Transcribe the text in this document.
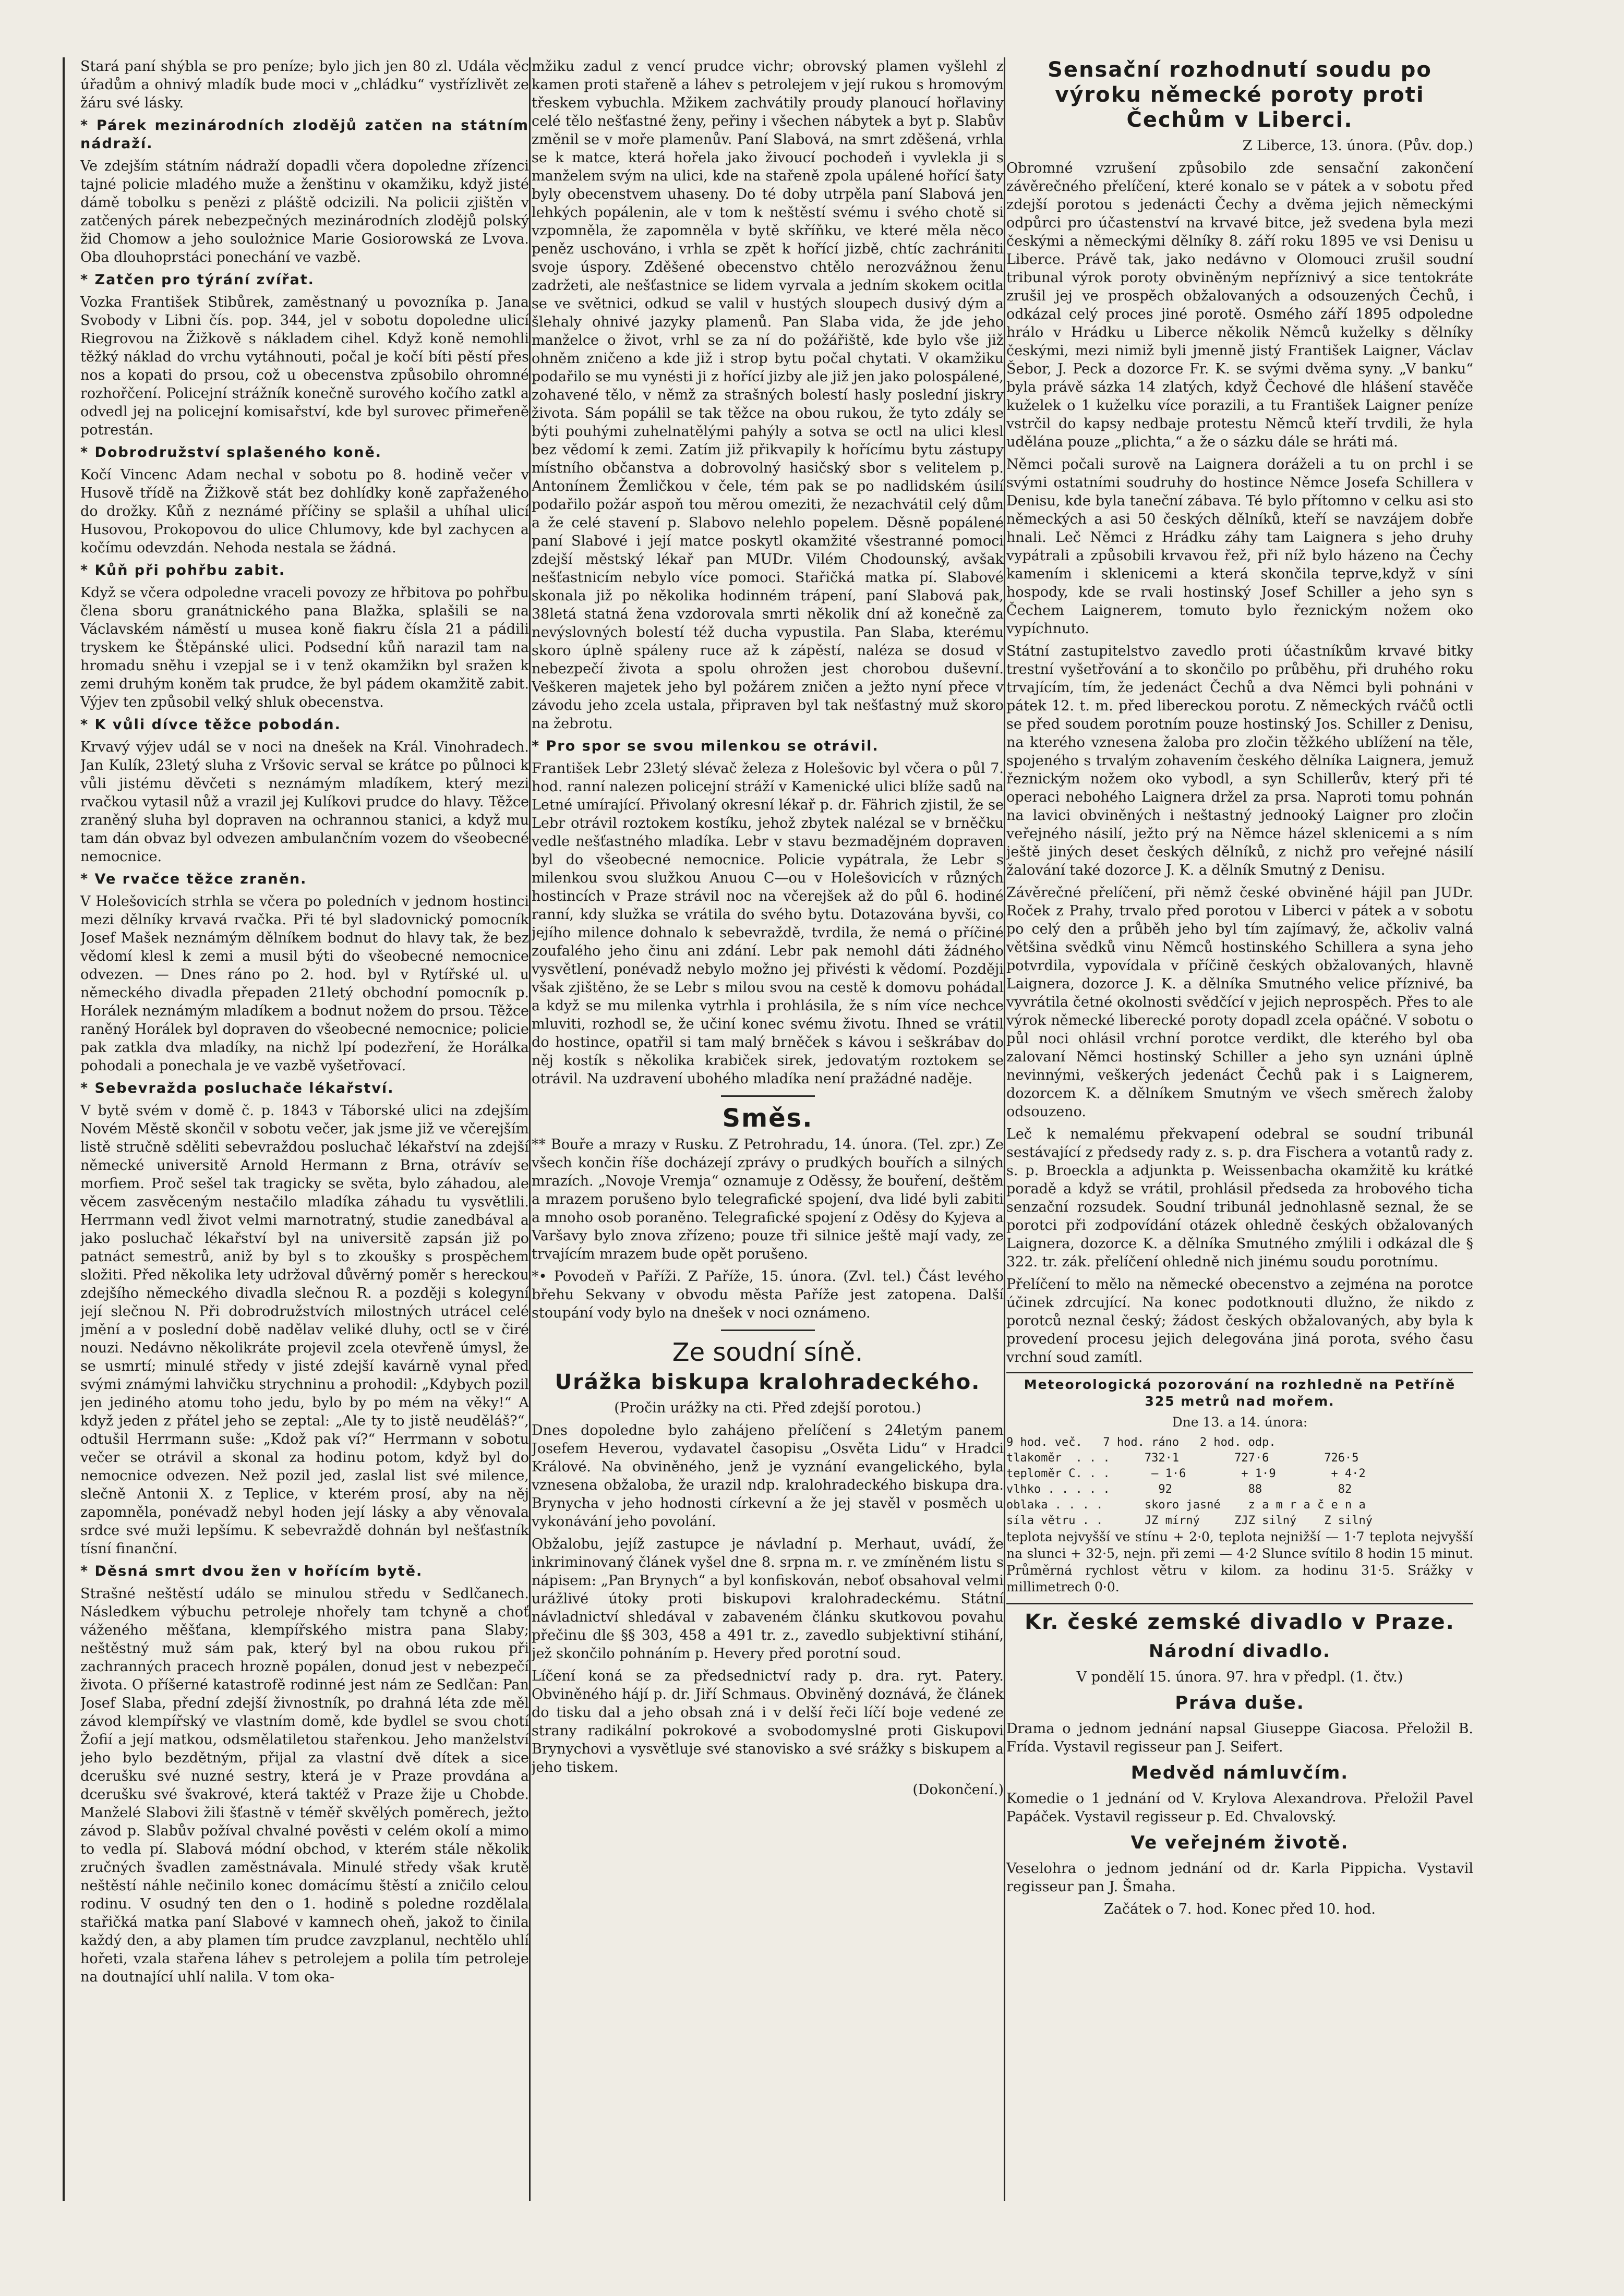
Stará paní shýbla se pro peníze; bylo jich jen 80 zl. Udála věc úřadům a ohnivý mladík bude moci v „chládku“ vystřízlivět ze žáru své lásky.

* Párek mezinárodních zlodějů zatčen na státním nádraží.

Ve zdejším státním nádraží dopadli včera dopoledne zřízenci tajné policie mladého muže a ženštinu v okamžiku, když jisté dámě tobolku s penězi z pláště odcizili. Na policii zjištěn v zatčených párek nebezpečných mezinárodních zlodějů polský žid Chomow a jeho soulożnice Marie Gosiorowská ze Lvova. Oba dlouhoprstáci ponechání ve vazbě.

* Zatčen pro týrání zvířat.

Vozka František Stibůrek, zaměstnaný u povozníka p. Jana Svobody v Libni čís. pop. 344, jel v sobotu dopoledne ulicí Riegrovou na Žižkově s nákladem cihel. Když koně nemohli těžký náklad do vrchu vytáhnouti, počal je kočí bíti pěstí přes nos a kopati do prsou, což u obecenstva způsobilo ohromné rozhořčení. Policejní strážník konečně surového kočího zatkl a odvedl jej na policejní komisařství, kde byl surovec přimeřeně potrestán.

* Dobrodružství splašeného koně.

Kočí Vincenc Adam nechal v sobotu po 8. hodině večer v Husově třídě na Žižkově stát bez dohlídky koně zapřaženého do drožky. Kůň z neznámé příčiny se splašil a uhíhal ulicí Husovou, Prokopovou do ulice Chlumovy, kde byl zachycen a kočímu odevzdán. Nehoda nestala se žádná.

* Kůň při pohřbu zabit.

Když se včera odpoledne vraceli povozy ze hřbitova po pohřbu člena sboru granátnického pana Blažka, splašili se na Václavském náměstí u musea koně fiakru čísla 21 a pádili tryskem ke Štěpánské ulici. Podsední kůň narazil tam na hromadu sněhu i vzepjal se i v tenž okamžikn byl sražen k zemi druhým koněm tak prudce, že byl pádem okamžitě zabit. Výjev ten způsobil velký shluk obecenstva.

* K vůli dívce těžce pobodán.

Krvavý výjev udál se v noci na dnešek na Král. Vinohradech. Jan Kulík, 23letý sluha z Vršovic serval se krátce po půlnoci k vůli jistému děvčeti s neznámým mladíkem, který mezi rvačkou vytasil nůž a vrazil jej Kulíkovi prudce do hlavy. Těžce zraněný sluha byl dopraven na ochrannou stanici, a když mu tam dán obvaz byl odvezen ambulančním vozem do všeobecné nemocnice.

* Ve rvačce těžce zraněn.

V Holešovicích strhla se včera po poledních v jednom hostinci mezi dělníky krvavá rvačka. Při té byl sladovnický pomocník Josef Mašek neznámým dělníkem bodnut do hlavy tak, že bez vědomí klesl k zemi a musil býti do všeobecné nemocnice odvezen. — Dnes ráno po 2. hod. byl v Rytířské ul. u německého divadla přepaden 21letý obchodní pomocník p. Horálek neznámým mladíkem a bodnut nožem do prsou. Těžce raněný Horálek byl dopraven do všeobecné nemocnice; policie pak zatkla dva mladíky, na nichž lpí podezření, že Horálka pohodali a ponechala je ve vazbě vyšetřovací.

* Sebevražda posluchače lékařství.

V bytě svém v domě č. p. 1843 v Táborské ulici na zdejším Novém Městě skončil v sobotu večer, jak jsme již ve včerejším listě stručně sděliti sebevraždou posluchač lékařství na zdejší německé universitě Arnold Hermann z Brna, otrávív se morfiem. Proč sešel tak tragicky se světa, bylo záhadou, ale věcem zasvěceným nestačilo mladíka záhadu tu vysvětlili. Herrmann vedl život velmi marnotratný, studie zanedbával a jako posluchač lékařství byl na universitě zapsán již po patnáct semestrů, aniž by byl s to zkoušky s prospěchem složiti. Před několika lety udržoval důvěrný poměr s hereckou zdejšího německého divadla slečnou R. a později s kolegyní její slečnou N. Při dobrodružstvích milostných utrácel celé jmění a v poslední době nadělav veliké dluhy, octl se v čiré nouzi. Nedávno několikráte projevil zcela otevřeně úmysl, že se usmrtí; minulé středy v jisté zdejší kavárně vynal před svými známými lahvičku strychninu a prohodil: „Kdybych pozil jen jediného atomu toho jedu, bylo by po mém na věky!“ A když jeden z přátel jeho se zeptal: „Ale ty to jistě neuděláš?“, odtušil Herrmann suše: „Kdož pak ví?“ Herrmann v sobotu večer se otrávil a skonal za hodinu potom, když byl do nemocnice odvezen. Než pozil jed, zaslal list své milence, slečně Antonii X. z Teplice, v kterém prosí, aby na něj zapomněla, ponévadž nebyl hoden její lásky a aby věnovala srdce své muži lepšímu. K sebevraždě dohnán byl nešťastník tísní finanční.

* Děsná smrt dvou žen v hořícím bytě.

Strašné neštěstí událo se minulou středu v Sedlčanech. Následkem výbuchu petroleje nhořely tam tchyně a choť váženého měšťana, klempířského mistra pana Slaby; neštěstný muž sám pak, který byl na obou rukou při zachranných pracech hrozně popálen, donud jest v nebezpečí života. O příšerné katastrofě rodinné jest nám ze Sedlčan: Pan Josef Slaba, přední zdejší živnostník, po drahná léta zde měl závod klempířský ve vlastním domě, kde bydlel se svou chotí Žofií a její matkou, odsmělatiletou stařenkou. Jeho manželství jeho bylo bezdětným, přijal za vlastní dvě dítek a sice dcerušku své nuzné sestry, která je v Praze provdána a dcerušku své švakrové, která taktéž v Praze žije u Chobde. Manželé Slabovi žili šťastně v téměř skvělých poměrech, ježto závod p. Slabův požíval chvalné pověsti v celém okolí a mimo to vedla pí. Slabová módní obchod, v kterém stále několik zručných švadlen zaměstnávala. Minulé středy však krutě neštěstí náhle nečinilo konec domácímu štěstí a zničilo celou rodinu. V osudný ten den o 1. hodině s poledne rozdělala stařičká matka paní Slabové v kamnech oheň, jakož to činila každý den, a aby plamen tím prudce zavzplanul, nechtělo uhlí hořeti, vzala stařena láhev s petrolejem a polila tím petroleje na doutnající uhlí nalila. V tom oka-

mžiku zadul z vencí prudce vichr; obrovský plamen vyšlehl z kamen proti stařeně a láhev s petrolejem v její rukou s hromovým třeskem vybuchla. Mžikem zachvátily proudy planoucí hořlaviny celé tělo nešťastné ženy, peřiny i všechen nábytek a byt p. Slabův změnil se v moře plamenův. Paní Slabová, na smrt zděšená, vrhla se k matce, která hořela jako živoucí pochodeň i vyvlekla ji s manželem svým na ulici, kde na stařeně zpola upálené hořící šaty byly obecenstvem uhaseny. Do té doby utrpěla paní Slabová jen lehkých popálenin, ale v tom k neštěstí svému i svého chotě si vzpomněla, že zapomněla v bytě skříňku, ve které měla něco peněz uschováno, i vrhla se zpět k hořící jizbě, chtíc zachrániti svoje úspory. Zděšené obecenstvo chtělo nerozvážnou ženu zadržeti, ale nešťastnice se lidem vyrvala a jedním skokem ocitla se ve světnici, odkud se valil v hustých sloupech dusivý dým a šlehaly ohnivé jazyky plamenů. Pan Slaba vida, že jde jeho manželce o život, vrhl se za ní do požářiště, kde bylo vše již ohněm zničeno a kde již i strop bytu počal chytati. V okamžiku podařilo se mu vynésti ji z hořící jizby ale již jen jako polospálené, zohavené tělo, v němž za strašných bolestí hasly poslední jiskry života. Sám popálil se tak těžce na obou rukou, že tyto zdály se býti pouhými zuhelnatělými pahýly a sotva se octl na ulici klesl bez vědomí k zemi. Zatím již přikvapily k hořícímu bytu zástupy místního občanstva a dobrovolný hasičský sbor s velitelem p. Antonínem Žemličkou v čele, tém pak se po nadlidském úsilí podařilo požár aspoň tou měrou omeziti, že nezachvátil celý dům a že celé stavení p. Slabovo nelehlo popelem. Děsně popálené paní Slabové i její matce poskytl okamžité všestranné pomoci zdejší městský lékař pan MUDr. Vilém Chodounský, avšak nešťastnicím nebylo více pomoci. Stařičká matka pí. Slabové skonala již po několika hodinném trápení, paní Slabová pak, 38letá statná žena vzdorovala smrti několik dní až konečně za nevýslovných bolestí též ducha vypustila. Pan Slaba, kterému skoro úplně spáleny ruce až k zápěstí, naléza se dosud v nebezpečí života a spolu ohrožen jest chorobou duševní. Veškeren majetek jeho byl požárem zničen a ježto nyní přece v závodu jeho zcela ustala, připraven byl tak nešťastný muž skoro na žebrotu.

* Pro spor se svou milenkou se otrávil.

František Lebr 23letý slévač železa z Holešovic byl včera o půl 7. hod. ranní nalezen policejní stráží v Kamenické ulici blíže sadů na Letné umírající. Přivolaný okresní lékař p. dr. Fährich zjistil, že se Lebr otrávil roztokem kostíku, jehož zbytek nalézal se v brněčku vedle nešťastného mladíka. Lebr v stavu bezmadějném dopraven byl do všeobecné nemocnice. Policie vypátrala, že Lebr s milenkou svou služkou Anuou C—ou v Holešovicích v různých hostincích v Praze strávil noc na včerejšek až do půl 6. hodiné ranní, kdy služka se vrátila do svého bytu. Dotazována byvši, co jejího milence dohnalo k sebevraždě, tvrdila, že nemá o příčiné zoufalého jeho činu ani zdání. Lebr pak nemohl dáti žádného vysvětlení, ponévadž nebylo možno jej přivésti k vědomí. Později však zjištěno, že se Lebr s milou svou na cestě k domovu pohádal a když se mu milenka vytrhla i prohlásila, že s ním více nechce mluviti, rozhodl se, že učiní konec svému životu. Ihned se vrátil do hostince, opatřil si tam malý brněček s kávou i seškrábav do něj kostík s několika krabiček sirek, jedovatým roztokem se otrávil. Na uzdravení ubohého mladíka není pražádné naděje.

Směs.

** Bouře a mrazy v Rusku. Z Petrohradu, 14. února. (Tel. zpr.) Ze všech končin říše docházejí zprávy o prudkých bouřích a silných mrazích. „Novoje Vremja“ oznamuje z Oděssy, že bouření, deštěm a mrazem porušeno bylo telegrafické spojení, dva lidé byli zabiti a mnoho osob poraněno. Telegrafické spojení z Oděsy do Kyjeva a Varšavy bylo znova zřízeno; pouze tři silnice ještě mají vady, ze trvajícím mrazem bude opět porušeno.

*• Povodeň v Paříži. Z Paříže, 15. února. (Zvl. tel.) Část levého břehu Sekvany v obvodu města Paříže jest zatopena. Další stoupání vody bylo na dnešek v noci oznámeno.

Ze soudní síně.

Urážka biskupa kralohradeckého.

(Pročin urážky na cti. Před zdejší porotou.)

Dnes dopoledne bylo zahájeno přelíčení s 24letým panem Josefem Heverou, vydavatel časopisu „Osvěta Lidu“ v Hradci Králové. Na obviněného, jenž je vyznání evangelického, byla vznesena obžaloba, že urazil ndp. kralohradeckého biskupa dra. Brynycha v jeho hodnosti církevní a že jej stavěl v posměch u vykonávání jeho povolání.

Obžalobu, jejíž zastupce je návladní p. Merhaut, uvádí, že inkriminovaný článek vyšel dne 8. srpna m. r. ve zmíněném listu s nápisem: „Pan Brynych“ a byl konfiskován, neboť obsahoval velmi urážlivé útoky proti biskupovi kralohradeckému. Státní návladnictví shledával v zabaveném článku skutkovou povahu přečinu dle §§ 303, 458 a 491 tr. z., zavedlo subjektivní stihání, jež skončilo pohnáním p. Hevery před porotní soud.

Líčení koná se za předsednictví rady p. dra. ryt. Patery. Obviněného hájí p. dr. Jiří Schmaus. Obviněný doznává, že článek do tisku dal a jeho obsah zná i v delší řeči líčí boje vedené ze strany radikální pokrokové a svobodomyslné proti Giskupovi Brynychovi a vysvětluje své stanovisko a své srážky s biskupem a jeho tiskem.

(Dokončení.)

Sensační rozhodnutí soudu po výroku německé poroty proti Čechům v Liberci.

Z Liberce, 13. února. (Pův. dop.)

Obromné vzrušení způsobilo zde sensační zakončení závěrečného přelíčení, které konalo se v pátek a v sobotu před zdejší porotou s jedenácti Čechy a dvěma jejich německými odpůrci pro účastenství na krvavé bitce, jež svedena byla mezi českými a německými dělníky 8. září roku 1895 ve vsi Denisu u Liberce. Právě tak, jako nedávno v Olomouci zrušil soudní tribunal výrok poroty obviněným nepříznivý a sice tentokráte zrušil jej ve prospěch obžalovaných a odsouzených Čechů, i odkázal celý proces jiné porotě. Osmého září 1895 odpoledne hrálo v Hrádku u Liberce několik Němců kuželky s dělníky českými, mezi nimiž byli jmenně jistý František Laigner, Václav Šebor, J. Peck a dozorce Fr. K. se svými dvěma syny. „V banku“ byla právě sázka 14 zlatých, když Čechové dle hlášení stavěče kuželek o 1 kuželku více porazili, a tu František Laigner peníze vstrčil do kapsy nedbaje protestu Němců kteří trvdili, že hyla udělána pouze „plichta,“ a že o sázku dále se hráti má.

Němci počali surově na Laignera doráželi a tu on prchl i se svými ostatními soudruhy do hostince Němce Josefa Schillera v Denisu, kde byla taneční zábava. Té bylo přítomno v celku asi sto německých a asi 50 českých dělníků, kteří se navzájem dobře hnali. Leč Němci z Hrádku záhy tam Laignera s jeho druhy vypátrali a způsobili krvavou řež, při níž bylo házeno na Čechy kamením i sklenicemi a která skončila teprve,když v síni hospody, kde se rvali hostinský Josef Schiller a jeho syn s Čechem Laignerem, tomuto bylo řeznickým nožem oko vypíchnuto.

Státní zastupitelstvo zavedlo proti účastníkům krvavé bitky trestní vyšetřování a to skončilo po průběhu, při druhého roku trvajícím, tím, že jedenáct Čechů a dva Němci byli pohnáni v pátek 12. t. m. před libereckou porotu. Z německých rváčů octli se před soudem porotním pouze hostinský Jos. Schiller z Denisu, na kterého vznesena žaloba pro zločin těžkého ublížení na těle, spojeného s trvalým zohavením českého dělníka Laignera, jemuž řeznickým nožem oko vybodl, a syn Schillerův, který při té operaci nebohého Laignera držel za prsa. Naproti tomu pohnán na lavici obviněných i neštastný jednooký Laigner pro zločin veřejného násilí, ježto prý na Němce házel sklenicemi a s ním ještě jiných deset českých dělníků, z nichž pro veřejné násilí žalování také dozorce J. K. a dělník Smutný z Denisu.

Závěrečné přelíčení, při němž české obviněné hájil pan JUDr. Roček z Prahy, trvalo před porotou v Liberci v pátek a v sobotu po celý den a průběh jeho byl tím zajímavý, že, ačkoliv valná většina svědků vinu Němců hostinského Schillera a syna jeho potvrdila, vypovídala v příčině českých obžalovaných, hlavně Laignera, dozorce J. K. a dělníka Smutného velice příznivé, ba vyvrátila četné okolnosti svědčící v jejich neprospěch. Přes to ale výrok německé liberecké poroty dopadl zcela opáčné. V sobotu o půl noci ohlásil vrchní porotce verdikt, dle kterého byl oba zalovaní Němci hostinský Schiller a jeho syn uznáni úplně nevinnými, veškerých jedenáct Čechů pak i s Laignerem, dozorcem K. a dělníkem Smutným ve všech směrech žaloby odsouzeno.

Leč k nemalému překvapení odebral se soudní tribunál sestávající z předsedy rady z. s. p. dra Fischera a votantů rady z. s. p. Broeckla a adjunkta p. Weissenbacha okamžitě ku krátké poradě a když se vrátil, prohlásil předseda za hrobového ticha senzační rozsudek. Soudní tribunál jednohlasně seznal, že se porotci při zodpovídání otázek ohledně českých obžalovaných Laignera, dozorce K. a dělníka Smutného zmýlili i odkázal dle § 322. tr. zák. přelíčení ohledně nich jinému soudu porotnímu.

Přelíčení to mělo na německé obecenstvo a zejména na porotce účinek zdrcující. Na konec podotknouti dlužno, že nikdo z porotců neznal český; žádost českých obžalovaných, aby byla k provedení procesu jejich delegována jiná porota, svého času vrchní soud zamítl.

Meteorologická pozorování na rozhledně na Petříně 325 metrů nad mořem.

Dne 13. a 14. února:

9 hod. več.   7 hod. ráno   2 hod. odp.
tlakoměr  . . .     732·1        727·6        726·5
teploměr C. . .      — 1·6        + 1·9        + 4·2
vlhko . . . . .       92           88           82
oblaka . . . .      skoro jasné    z a m r a č e n a
síla větru . .      JZ mírný     ZJZ silný    Z silný

teplota nejvyšší ve stínu + 2·0, teplota nejnižší — 1·7 teplota nejvyšší na slunci + 32·5, nejn. při zemi — 4·2 Slunce svítilo 8 hodin 15 minut. Průměrná rychlost větru v kilom. za hodinu 31·5. Srážky v millimetrech 0·0.

Kr. české zemské divadlo v Praze.

Národní divadlo.

V pondělí 15. února. 97. hra v předpl. (1. čtv.)

Práva duše.

Drama o jednom jednání napsal Giuseppe Giacosa. Přeložil B. Frída. Vystavil regisseur pan J. Seifert.

Medvěd námluvčím.

Komedie o 1 jednání od V. Krylova Alexandrova. Přeložil Pavel Papáček. Vystavil regisseur p. Ed. Chvalovský.

Ve veřejném životě.

Veselohra o jednom jednání od dr. Karla Pippicha. Vystavil regisseur pan J. Šmaha.

Začátek o 7. hod. Konec před 10. hod.
